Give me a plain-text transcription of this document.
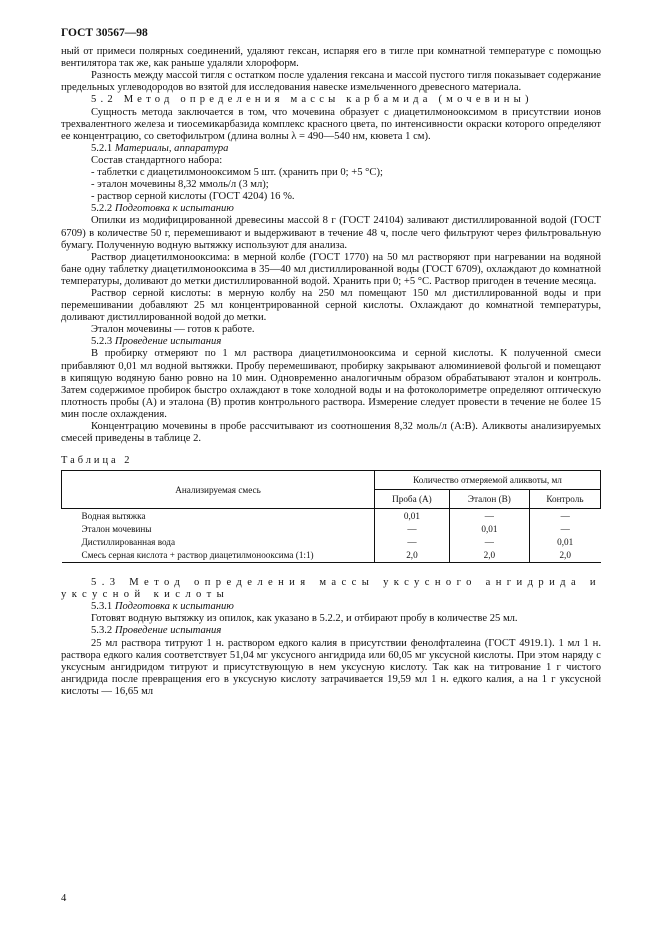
ГОСТ 30567—98

ный от примеси полярных соединений, удаляют гексан, испаряя его в тигле при комнатной температуре с помощью вентилятора так же, как раньше удаляли хлороформ.

Разность между массой тигля с остатком после удаления гексана и массой пустого тигля показывает содержание предельных углеводородов во взятой для исследования навеске измельченного древесного материала.

5.2 Метод определения массы карбамида (мочевины)

Сущность метода заключается в том, что мочевина образует с диацетилмонооксимом в присутствии ионов трехвалентного железа и тиосемикарбазида комплекс красного цвета, по интенсивности окраски которого определяют ее концентрацию, со светофильтром (длина волны λ = 490—540 нм, кювета 1 см).

5.2.1 Материалы, аппаратура

Состав стандартного набора:

- таблетки с диацетилмонооксимом 5 шт. (хранить при 0; +5 °С);
- эталон мочевины 8,32 ммоль/л (3 мл);
- раствор серной кислоты (ГОСТ 4204) 16 %.
5.2.2 Подготовка к испытанию

Опилки из модифицированной древесины массой 8 г (ГОСТ 24104) заливают дистиллированной водой (ГОСТ 6709) в количестве 50 г, перемешивают и выдерживают в течение 48 ч, после чего фильтруют через фильтровальную бумагу. Полученную водную вытяжку используют для анализа.

Раствор диацетилмонооксима: в мерной колбе (ГОСТ 1770) на 50 мл растворяют при нагревании на водяной бане одну таблетку диацетилмонооксима в 35—40 мл дистиллированной воды (ГОСТ 6709), охлаждают до комнатной температуры, доливают до метки дистиллированной водой. Хранить при 0; +5 °С. Раствор пригоден в течение месяца.

Раствор серной кислоты: в мерную колбу на 250 мл помещают 150 мл дистиллированной воды и при перемешивании добавляют 25 мл концентрированной серной кислоты. Охлаждают до комнатной температуры, доливают дистиллированной водой до метки.

Эталон мочевины — готов к работе.

5.2.3 Проведение испытания

В пробирку отмеряют по 1 мл раствора диацетилмонооксима и серной кислоты. К полученной смеси прибавляют 0,01 мл водной вытяжки. Пробу перемешивают, пробирку закрывают алюминиевой фольгой и помещают в кипящую водяную баню ровно на 10 мин. Одновременно аналогичным образом обрабатывают эталон и контроль. Затем содержимое пробирок быстро охлаждают в токе холодной воды и на фотоколориметре определяют оптическую плотность пробы (А) и эталона (В) против контрольного раствора. Измерение следует провести в течение не более 15 мин после охлаждения.

Концентрацию мочевины в пробе рассчитывают из соотношения 8,32 моль/л (А:В). Аликвоты анализируемых смесей приведены в таблице 2.

Таблица 2
Анализируемая смесь	Количество отмеряемой аликвоты, мл		
	Проба (А)	Эталон (В)	Контроль
Водная вытяжка	0,01	—	—
Эталон мочевины	—	0,01	—
Дистиллированная вода	—	—	0,01
Смесь серная кислота + раствор диацетилмонооксима (1:1)	2,0	2,0	2,0

5.3 Метод определения массы уксусного ангидрида и уксусной кислоты

5.3.1 Подготовка к испытанию

Готовят водную вытяжку из опилок, как указано в 5.2.2, и отбирают пробу в количестве 25 мл.

5.3.2 Проведение испытания

25 мл раствора титруют 1 н. раствором едкого калия в присутствии фенолфталеина (ГОСТ 4919.1). 1 мл 1 н. раствора едкого калия соответствует 51,04 мг уксусного ангидрида или 60,05 мг уксусной кислоты. При этом наряду с уксусным ангидридом титруют и присутствующую в нем уксусную кислоту. Так как на титрование 1 г чистого ангидрида после превращения его в уксусную кислоту затрачивается 19,59 мл 1 н. едкого калия, а на 1 г уксусной кислоты — 16,65 мл

4
